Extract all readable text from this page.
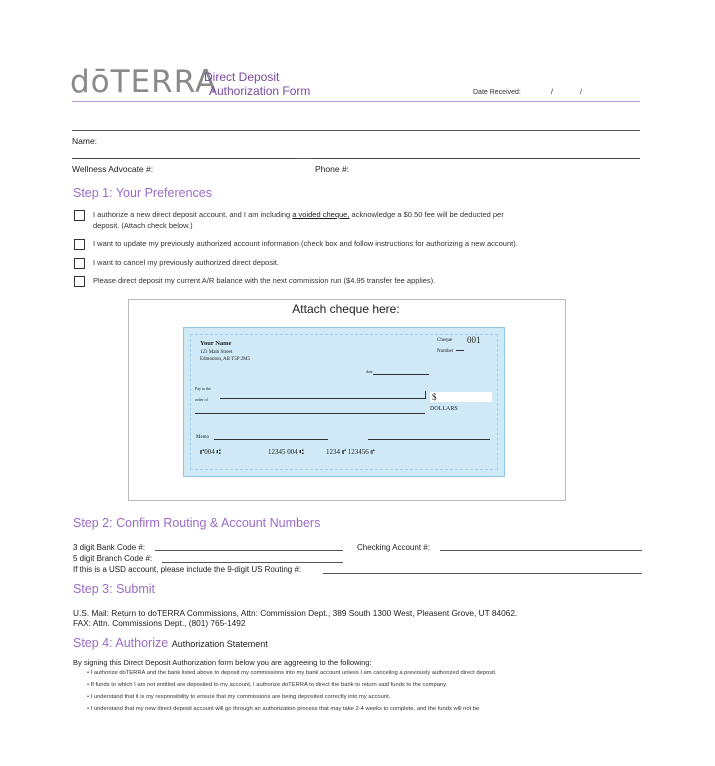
dōTERRA
Direct Deposit
Authorization Form	Date Received:	/	/
Name:
Wellness Advocate #:	Phone #:
Step 1: Your Preferences
I authorize a new direct deposit account, and I am including a voided cheque, acknowledge a $0.50 fee will be deducted per
deposit. (Attach check below.)
I want to update my previously authorized account information (check box and follow instructions for authorizing a new account).
I want to cancel my previously authorized direct deposit.
Please direct deposit my current A/R balance with the next commission run ($4.95 transfer fee applies).
Attach cheque here:
Your Name
123 Main Street
Edmonton, AB T5P 2M5
Cheque 001
Number
date
Pay to the
order of	$
DOLLARS
Memo
⑈004 ⑆	12345 004 ⑆	1234 ⑈ 123456 ⑈
Step 2: Confirm Routing & Account Numbers
3 digit Bank Code #:	Checking Account #:
5 digit Branch Code #:
If this is a USD account, please include the 9-digit US Routing #:
Step 3: Submit
U.S. Mail: Return to doTERRA Commissions, Attn: Commission Dept., 389 South 1300 West, Pleasent Grove, UT 84062.
FAX: Attn. Commissions Dept., (801) 765-1492
Step 4: Authorize Authorization Statement
By signing this Direct Deposit Authorization form below you are aggreeing to the following:
• I authorize doTERRA and the bank listed above to deposit my commissions into my bank account unless I am canceling a previously authorized direct deposit.
• If funds to which I am not entitled are deposited to my account, I authorize doTERRA to direct the bank to return said funds to the company.
• I understand that it is my responsibility to ensure that my commissions are being deposited correctly into my account.
• I understand that my new direct deposit account will go through an authorization process that may take 2-4 weeks to complete, and the funds will not be
